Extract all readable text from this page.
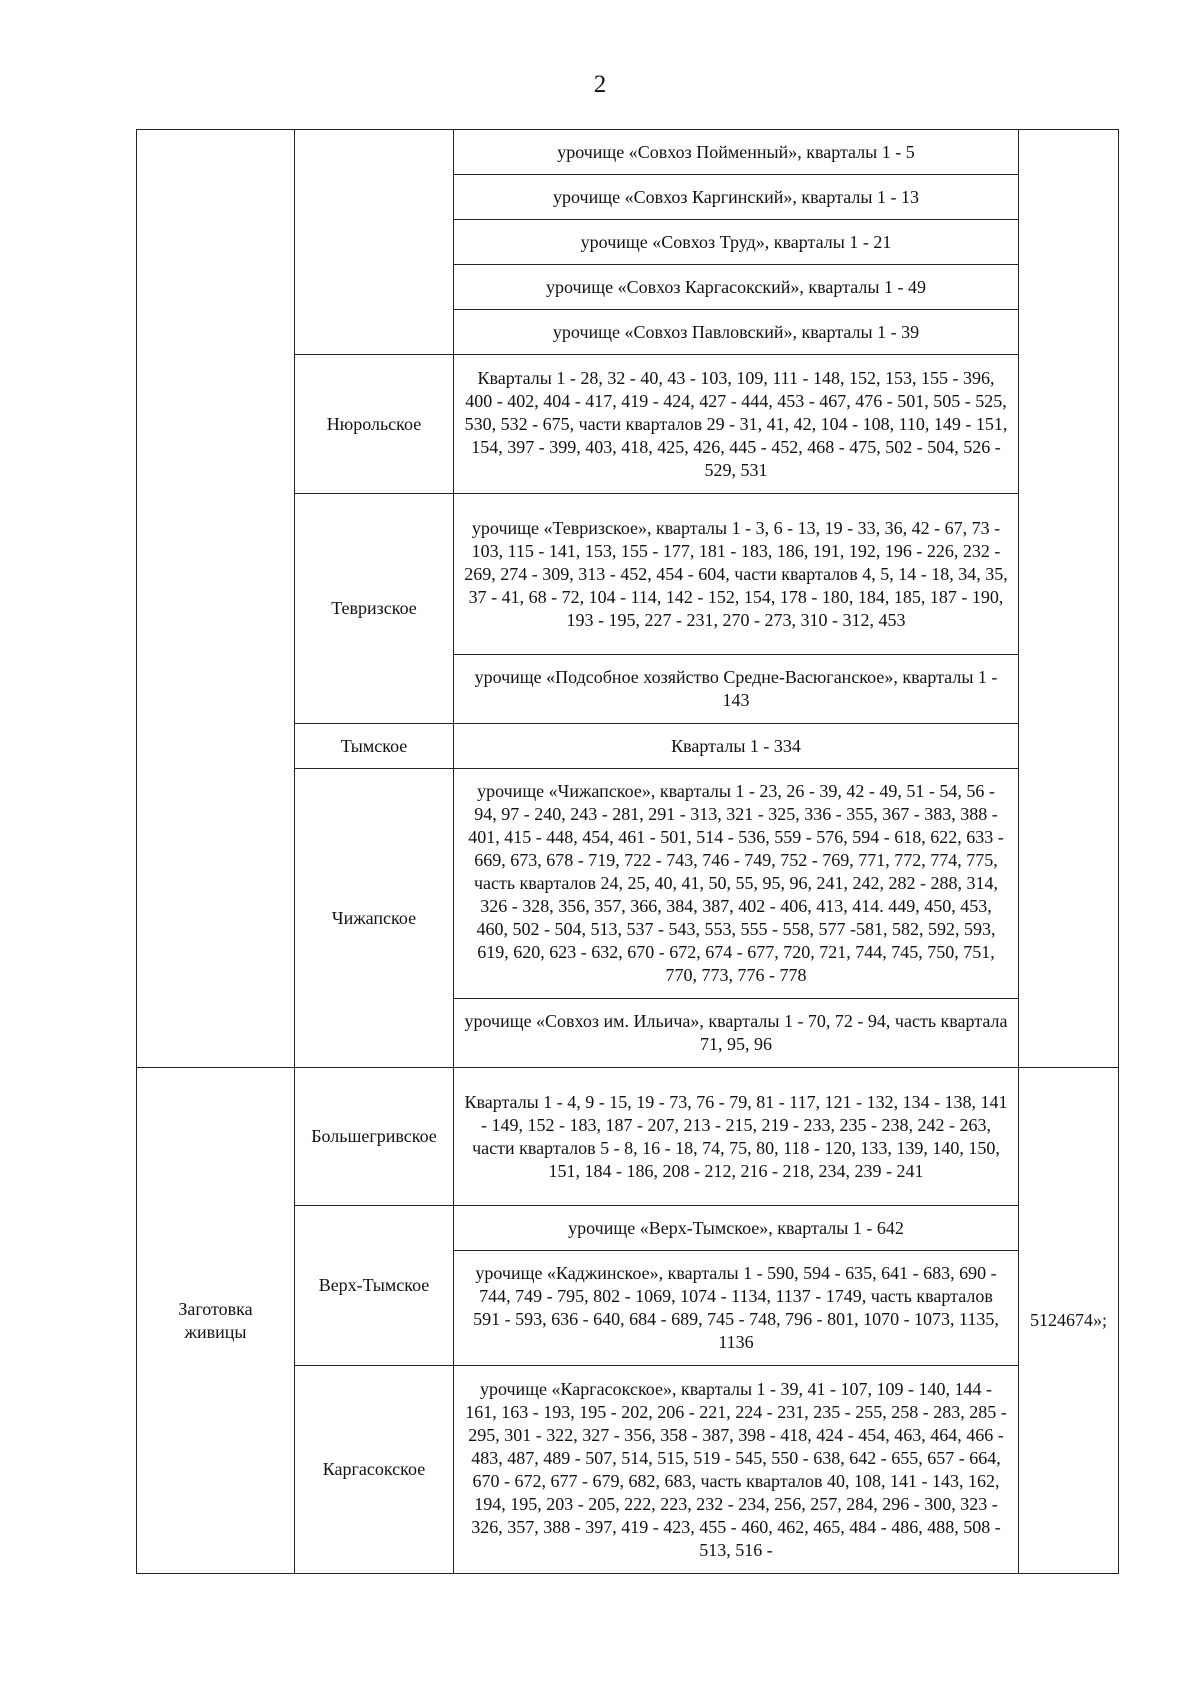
2
		урочище «Совхоз Пойменный», кварталы 1 - 5	
		урочище «Совхоз Каргинский», кварталы 1 - 13	
		урочище «Совхоз Труд», кварталы 1 - 21	
		урочище «Совхоз Каргасокский», кварталы 1 - 49	
		урочище «Совхоз Павловский», кварталы 1 - 39	
	Нюрольское	Кварталы 1 - 28, 32 - 40, 43 - 103, 109, 111 - 148, 152, 153, 155 - 396, 400 - 402, 404 - 417, 419 - 424, 427 - 444, 453 - 467, 476 - 501, 505 - 525, 530, 532 - 675, части кварталов 29 - 31, 41, 42, 104 - 108, 110, 149 - 151, 154, 397 - 399, 403, 418, 425, 426, 445 - 452, 468 - 475, 502 - 504, 526 - 529, 531	
	Тевризское	урочище «Тевризское», кварталы 1 - 3, 6 - 13, 19 - 33, 36, 42 - 67, 73 - 103, 115 - 141, 153, 155 - 177, 181 - 183, 186, 191, 192, 196 - 226, 232 - 269, 274 - 309, 313 - 452, 454 - 604, части кварталов 4, 5, 14 - 18, 34, 35, 37 - 41, 68 - 72, 104 - 114, 142 - 152, 154, 178 - 180, 184, 185, 187 - 190, 193 - 195, 227 - 231, 270 - 273, 310 - 312, 453	
		урочище «Подсобное хозяйство Средне-Васюганское», кварталы 1 - 143	
	Тымское	Кварталы 1 - 334	
	Чижапское	урочище «Чижапское», кварталы 1 - 23, 26 - 39, 42 - 49, 51 - 54, 56 - 94, 97 - 240, 243 - 281, 291 - 313, 321 - 325, 336 - 355, 367 - 383, 388 - 401, 415 - 448, 454, 461 - 501, 514 - 536, 559 - 576, 594 - 618, 622, 633 - 669, 673, 678 - 719, 722 - 743, 746 - 749, 752 - 769, 771, 772, 774, 775, часть кварталов 24, 25, 40, 41, 50, 55, 95, 96, 241, 242, 282 - 288, 314, 326 - 328, 356, 357, 366, 384, 387, 402 - 406, 413, 414. 449, 450, 453, 460, 502 - 504, 513, 537 - 543, 553, 555 - 558, 577 -581, 582, 592, 593, 619, 620, 623 - 632, 670 - 672, 674 - 677, 720, 721, 744, 745, 750, 751, 770, 773, 776 - 778	
		урочище «Совхоз им. Ильича», кварталы 1 - 70, 72 - 94, часть квартала 71, 95, 96	
Заготовка живицы	Большегривское	Кварталы 1 - 4, 9 - 15, 19 - 73, 76 - 79, 81 - 117, 121 - 132, 134 - 138, 141 - 149, 152 - 183, 187 - 207, 213 - 215, 219 - 233, 235 - 238, 242 - 263, части кварталов 5 - 8, 16 - 18, 74, 75, 80, 118 - 120, 133, 139, 140, 150, 151, 184 - 186, 208 - 212, 216 - 218, 234, 239 - 241	5124674»;
	Верх-Тымское	урочище «Верх-Тымское», кварталы 1 - 642	
		урочище «Каджинское», кварталы 1 - 590, 594 - 635, 641 - 683, 690 - 744, 749 - 795, 802 - 1069, 1074 - 1134, 1137 - 1749, часть кварталов 591 - 593, 636 - 640, 684 - 689, 745 - 748, 796 - 801, 1070 - 1073, 1135, 1136	
	Каргасокское	урочище «Каргасокское», кварталы 1 - 39, 41 - 107, 109 - 140, 144 - 161, 163 - 193, 195 - 202, 206 - 221, 224 - 231, 235 - 255, 258 - 283, 285 - 295, 301 - 322, 327 - 356, 358 - 387, 398 - 418, 424 - 454, 463, 464, 466 - 483, 487, 489 - 507, 514, 515, 519 - 545, 550 - 638, 642 - 655, 657 - 664, 670 - 672, 677 - 679, 682, 683, часть кварталов 40, 108, 141 - 143, 162, 194, 195, 203 - 205, 222, 223, 232 - 234, 256, 257, 284, 296 - 300, 323 - 326, 357, 388 - 397, 419 - 423, 455 - 460, 462, 465, 484 - 486, 488, 508 - 513, 516 -	
